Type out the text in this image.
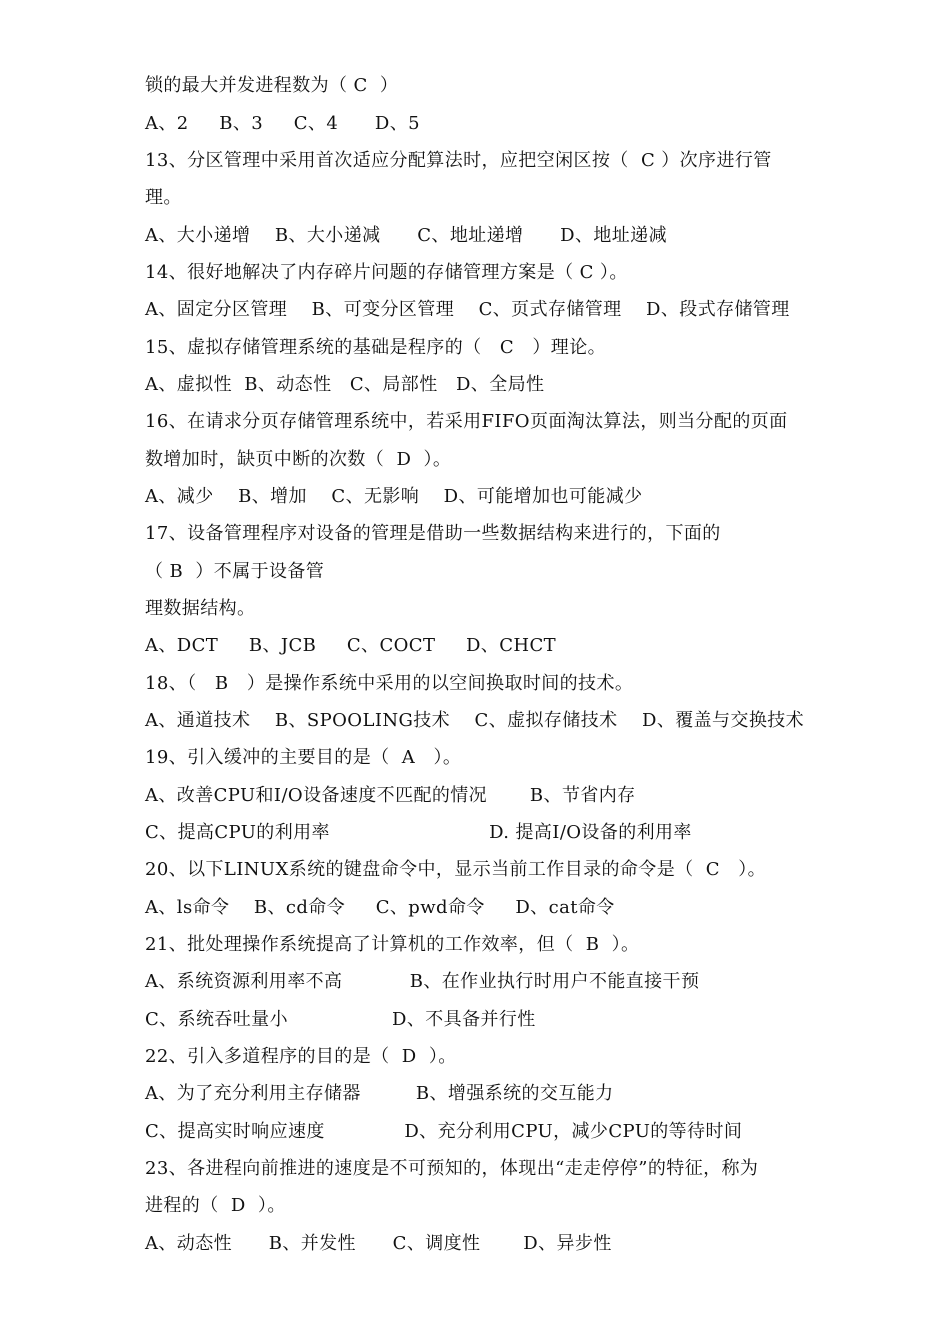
锁的最大并发进程数为（ C  ）
A、2     B、3     C、4      D、5
13、分区管理中采用首次适应分配算法时，应把空闲区按（  C ）次序进行管
理。
A、大小递增    B、大小递减      C、地址递增      D、地址递减
14、很好地解决了内存碎片问题的存储管理方案是（ C ）。
A、固定分区管理    B、可变分区管理    C、页式存储管理    D、段式存储管理
15、虚拟存储管理系统的基础是程序的（   C   ）理论。
A、虚拟性  B、动态性   C、局部性   D、全局性
16、在请求分页存储管理系统中，若采用FIFO页面淘汰算法，则当分配的页面
数增加时，缺页中断的次数（  D  ）。
A、减少    B、增加    C、无影响    D、可能增加也可能减少
17、设备管理程序对设备的管理是借助一些数据结构来进行的，下面的
（ B  ）不属于设备管
理数据结构。
A、DCT     B、JCB     C、COCT     D、CHCT
18、（   B   ）是操作系统中采用的以空间换取时间的技术。
A、通道技术    B、SPOOLING技术    C、虚拟存储技术    D、覆盖与交换技术
19、引入缓冲的主要目的是（  A   ）。
A、改善CPU和I/O设备速度不匹配的情况       B、节省内存
C、提高CPU的利用率                          D. 提高I/O设备的利用率
20、以下LINUX系统的键盘命令中，显示当前工作目录的命令是（  C   ）。
A、ls命令    B、cd命令     C、pwd命令     D、cat命令
21、批处理操作系统提高了计算机的工作效率，但（  B  ）。
A、系统资源利用率不高           B、在作业执行时用户不能直接干预
C、系统吞吐量小                 D、不具备并行性
22、引入多道程序的目的是（  D  ）。
A、为了充分利用主存储器         B、增强系统的交互能力
C、提高实时响应速度             D、充分利用CPU，减少CPU的等待时间
23、各进程向前推进的速度是不可预知的，体现出“走走停停”的特征，称为
进程的（  D  ）。
A、动态性      B、并发性      C、调度性       D、异步性
